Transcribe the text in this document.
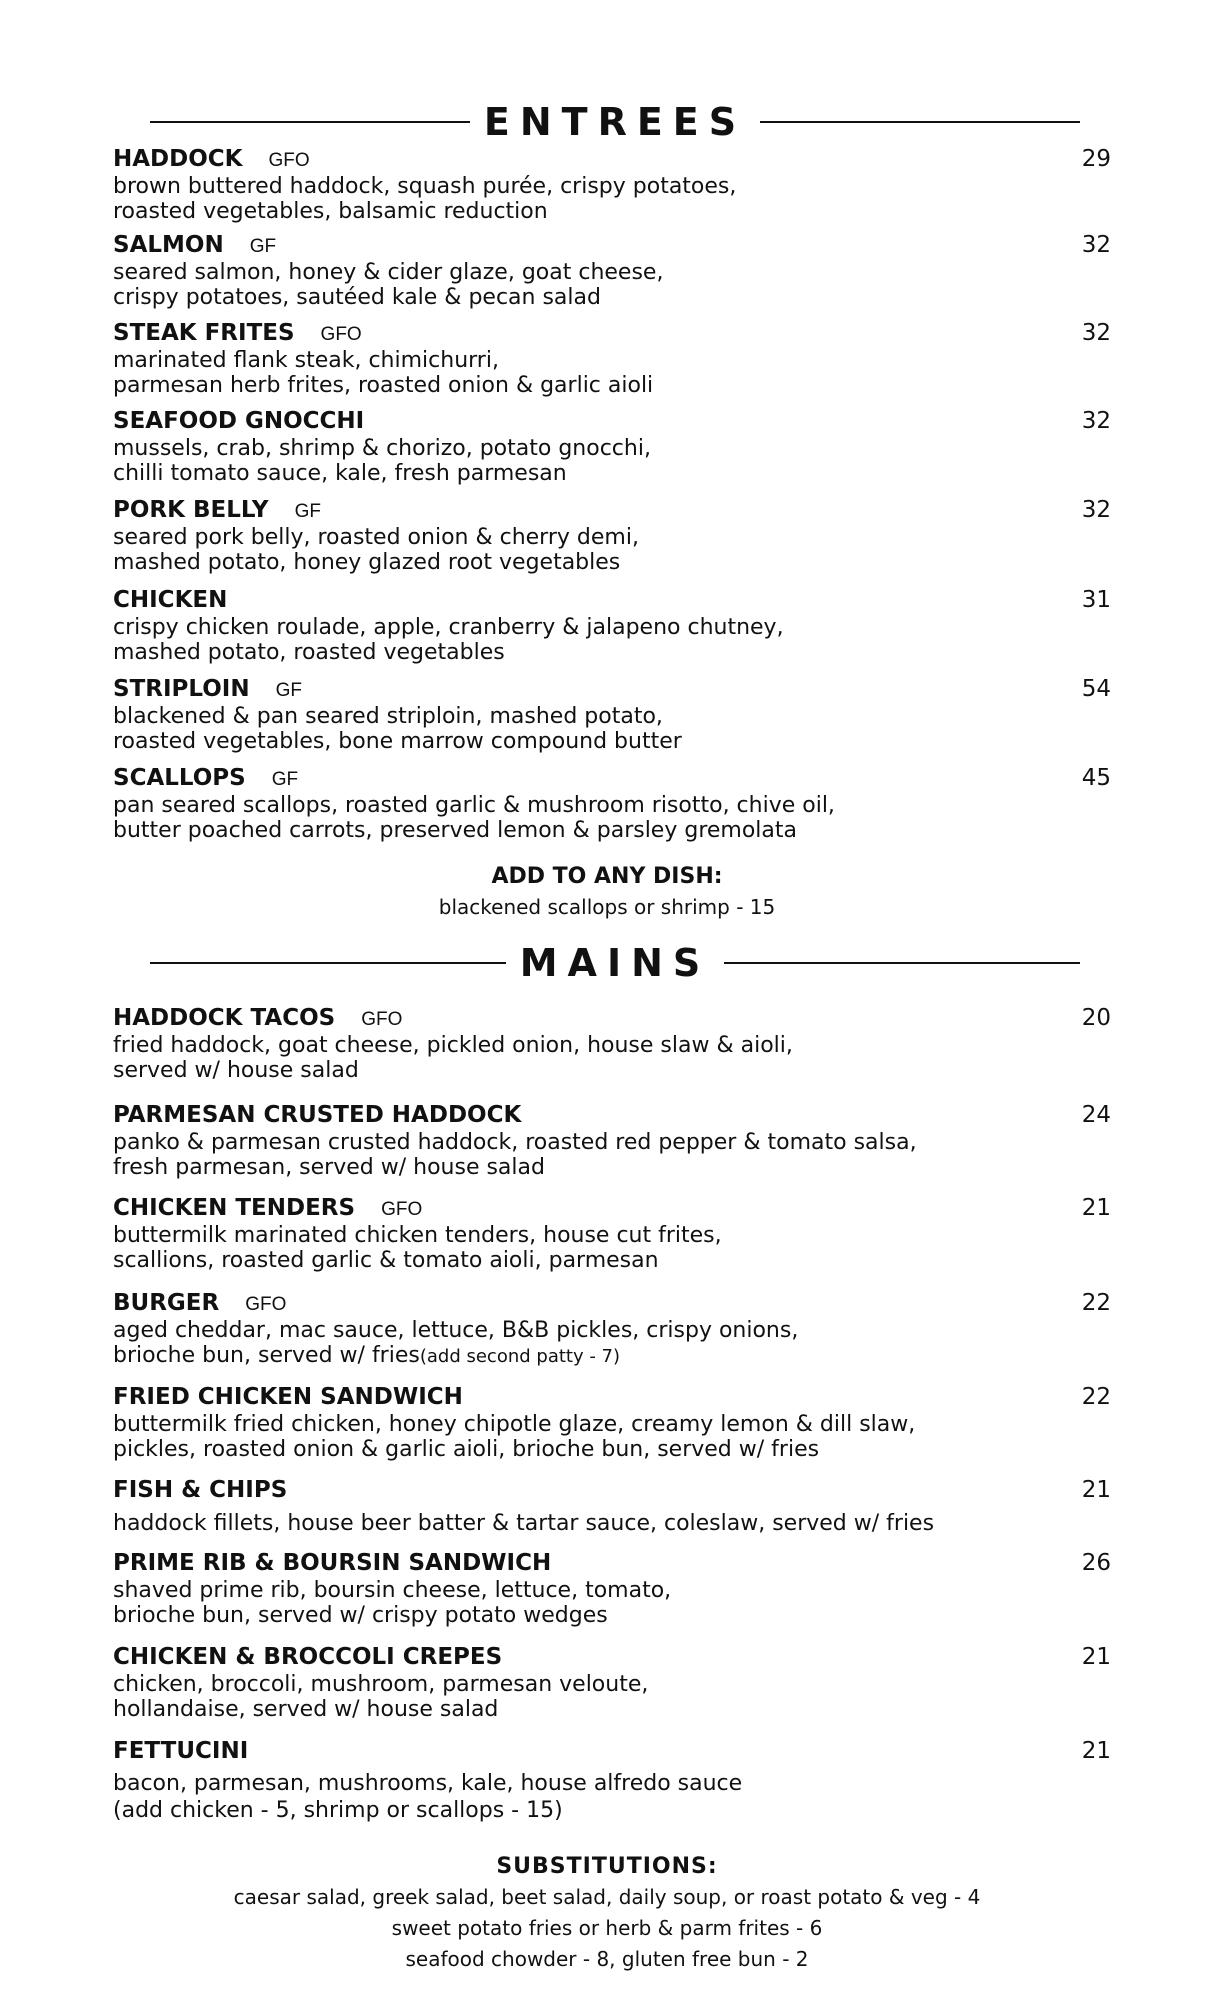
ENTREES
HADDOCK GFO	29
brown buttered haddock, squash purée, crispy potatoes,
roasted vegetables, balsamic reduction
SALMON GF	32
seared salmon, honey & cider glaze, goat cheese,
crispy potatoes, sautéed kale & pecan salad
STEAK FRITES GFO	32
marinated flank steak, chimichurri,
parmesan herb frites, roasted onion & garlic aioli
SEAFOOD GNOCCHI	32
mussels, crab, shrimp & chorizo, potato gnocchi,
chilli tomato sauce, kale, fresh parmesan
PORK BELLY GF	32
seared pork belly, roasted onion & cherry demi,
mashed potato, honey glazed root vegetables
CHICKEN	31
crispy chicken roulade, apple, cranberry & jalapeno chutney,
mashed potato, roasted vegetables
STRIPLOIN GF	54
blackened & pan seared striploin, mashed potato,
roasted vegetables, bone marrow compound butter
SCALLOPS GF	45
pan seared scallops, roasted garlic & mushroom risotto, chive oil,
butter poached carrots, preserved lemon & parsley gremolata
ADD TO ANY DISH:
blackened scallops or shrimp - 15
MAINS
HADDOCK TACOS GFO	20
fried haddock, goat cheese, pickled onion, house slaw & aioli,
served w/ house salad
PARMESAN CRUSTED HADDOCK	24
panko & parmesan crusted haddock, roasted red pepper & tomato salsa,
fresh parmesan, served w/ house salad
CHICKEN TENDERS GFO	21
buttermilk marinated chicken tenders, house cut frites,
scallions, roasted garlic & tomato aioli, parmesan
BURGER GFO	22
aged cheddar, mac sauce, lettuce, B&B pickles, crispy onions,
brioche bun, served w/ fries(add second patty - 7)
FRIED CHICKEN SANDWICH	22
buttermilk fried chicken, honey chipotle glaze, creamy lemon & dill slaw,
pickles, roasted onion & garlic aioli, brioche bun, served w/ fries
FISH & CHIPS	21
haddock fillets, house beer batter & tartar sauce, coleslaw, served w/ fries
PRIME RIB & BOURSIN SANDWICH	26
shaved prime rib, boursin cheese, lettuce, tomato,
brioche bun, served w/ crispy potato wedges
CHICKEN & BROCCOLI CREPES	21
chicken, broccoli, mushroom, parmesan veloute,
hollandaise, served w/ house salad
FETTUCINI	21
bacon, parmesan, mushrooms, kale, house alfredo sauce
(add chicken - 5, shrimp or scallops - 15)
SUBSTITUTIONS:
caesar salad, greek salad, beet salad, daily soup, or roast potato & veg - 4
sweet potato fries or herb & parm frites - 6
seafood chowder - 8, gluten free bun - 2
